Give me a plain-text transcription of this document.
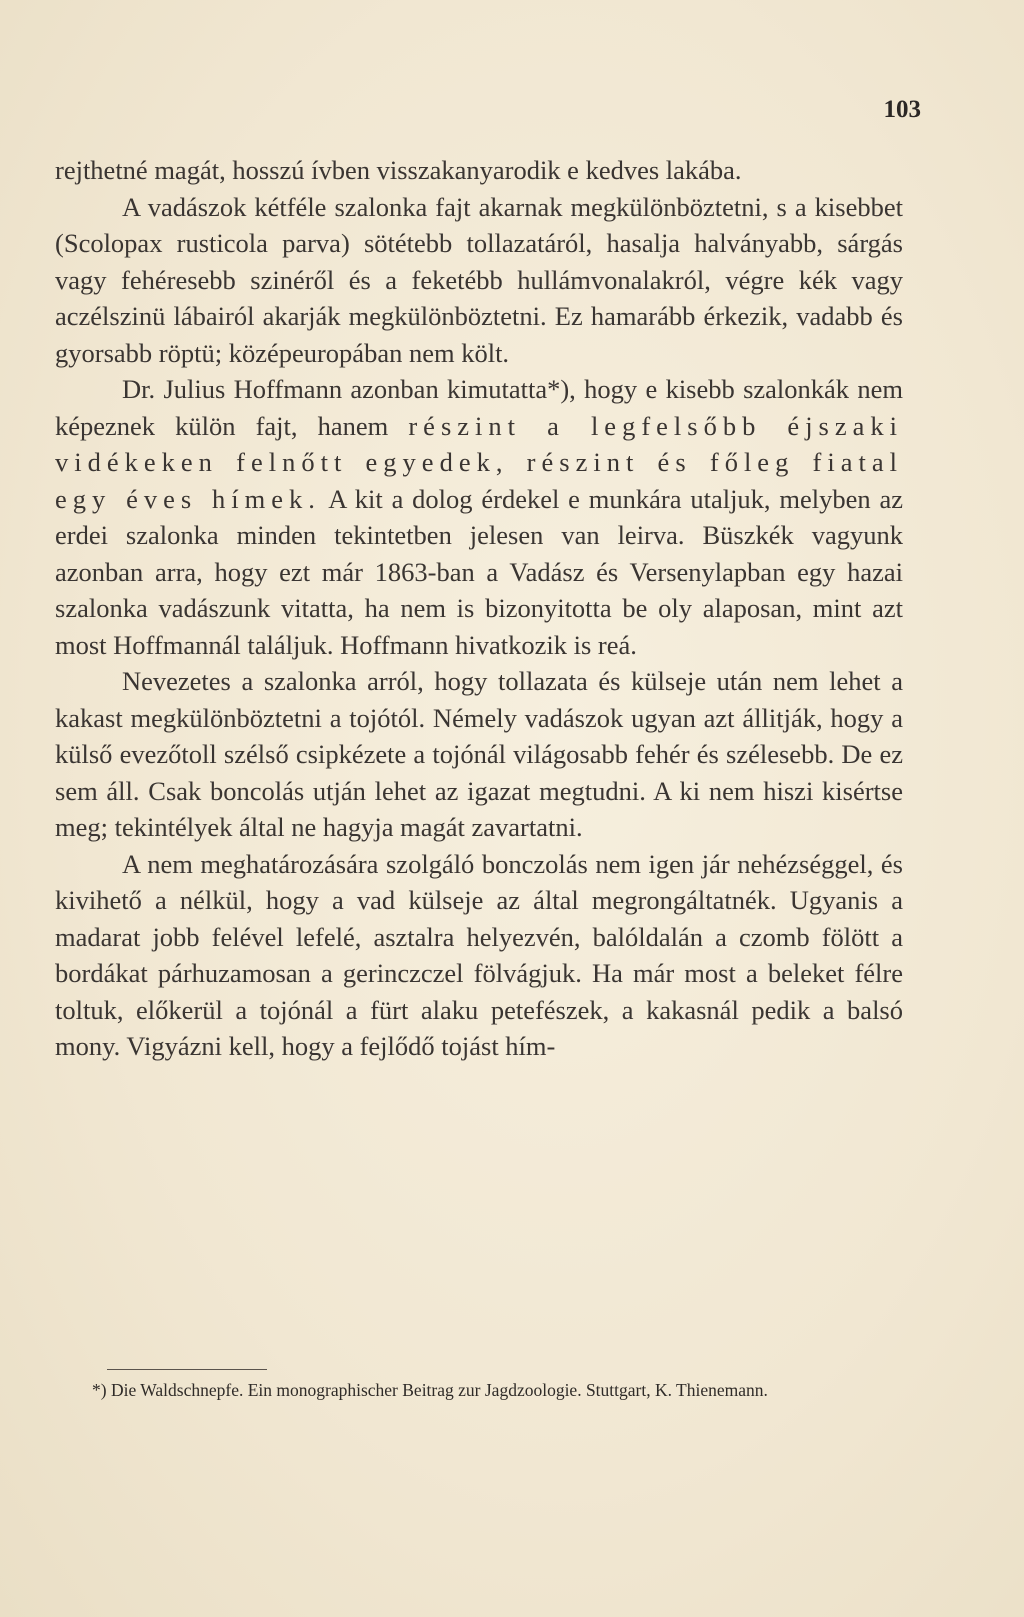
103

rejthetné magát, hosszú ívben visszakanyarodik e kedves lakába.

A vadászok kétféle szalonka fajt akarnak megkülönböztetni, s a kisebbet (Scolopax rusticola parva) sötétebb tollazatáról, hasalja halványabb, sárgás vagy fehéresebb szinéről és a feketébb hullámvonalakról, végre kék vagy aczélszinü lábairól akarják megkülönböztetni. Ez hamarább érkezik, vadabb és gyorsabb röptü; középeuropában nem költ.

Dr. Julius Hoffmann azonban kimutatta*), hogy e kisebb szalonkák nem képeznek külön fajt, hanem részint a legfelsőbb éjszaki vidékeken felnőtt egyedek, részint és főleg fiatal egy éves hímek. A kit a dolog érdekel e munkára utaljuk, melyben az erdei szalonka minden tekintetben jelesen van leirva. Büszkék vagyunk azonban arra, hogy ezt már 1863-ban a Vadász és Versenylapban egy hazai szalonka vadászunk vitatta, ha nem is bizonyitotta be oly alaposan, mint azt most Hoffmannál találjuk. Hoffmann hivatkozik is reá.

Nevezetes a szalonka arról, hogy tollazata és külseje után nem lehet a kakast megkülönböztetni a tojótól. Némely vadászok ugyan azt állitják, hogy a külső evezőtoll szélső csipkézete a tojónál világosabb fehér és szélesebb. De ez sem áll. Csak boncolás utján lehet az igazat megtudni. A ki nem hiszi kisértse meg; tekintélyek által ne hagyja magát zavartatni.

A nem meghatározására szolgáló bonczolás nem igen jár nehézséggel, és kivihető a nélkül, hogy a vad külseje az által megrongáltatnék. Ugyanis a madarat jobb felével lefelé, asztalra helyezvén, balóldalán a czomb fölött a bordákat párhuzamosan a gerinczczel fölvágjuk. Ha már most a beleket félre toltuk, előkerül a tojónál a fürt alaku petefészek, a kakasnál pedik a balsó mony. Vigyázni kell, hogy a fejlődő tojást hím-

*) Die Waldschnepfe. Ein monographischer Beitrag zur Jagdzoologie. Stuttgart, K. Thienemann.
